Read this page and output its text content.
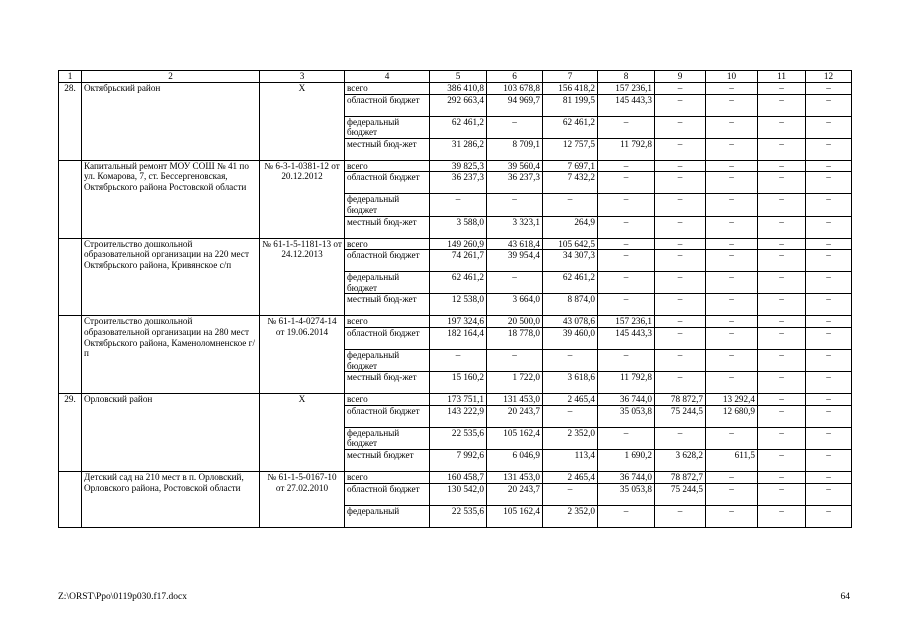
1	2	3	4	5	6	7	8	9	10	11	12
28.	Октябрьский район	X	всего	386 410,8	103 678,8	156 418,2	157 236,1	–	–	–	–
			областной бюджет	292 663,4	94 969,7	81 199,5	145 443,3	–	–	–	–
			федеральный бюджет	62 461,2	–	62 461,2	–	–	–	–	–
			местный бюд-жет	31 286,2	8 709,1	12 757,5	11 792,8	–	–	–	–
	Капитальный ремонт МОУ СОШ № 41 по ул. Комарова, 7, ст. Бессергеновская, Октябрьского района Ростовской области	№ 6-3-1-0381-12 от 20.12.2012	всего	39 825,3	39 560,4	7 697,1	–	–	–	–	–
			областной бюджет	36 237,3	36 237,3	7 432,2	–	–	–	–	–
			федеральный бюджет	–	–	–	–	–	–	–	–
			местный бюд-жет	3 588,0	3 323,1	264,9	–	–	–	–	–
	Строительство дошкольной образовательной организации на 220 мест Октябрьского района, Кривянское с/п	№ 61-1-5-1181-13 от 24.12.2013	всего	149 260,9	43 618,4	105 642,5	–	–	–	–	–
			областной бюджет	74 261,7	39 954,4	34 307,3	–	–	–	–	–
			федеральный бюджет	62 461,2	–	62 461,2	–	–	–	–	–
			местный бюд-жет	12 538,0	3 664,0	8 874,0	–	–	–	–	–
	Строительство дошкольной образовательной организации на 280 мест Октябрьского района, Каменоломненское г/п	№ 61-1-4-0274-14 от 19.06.2014	всего	197 324,6	20 500,0	43 078,6	157 236,1	–	–	–	–
			областной бюджет	182 164,4	18 778,0	39 460,0	145 443,3	–	–	–	–
			федеральный бюджет	–	–	–	–	–	–	–	–
			местный бюд-жет	15 160,2	1 722,0	3 618,6	11 792,8	–	–	–	–
29.	Орловский район	X	всего	173 751,1	131 453,0	2 465,4	36 744,0	78 872,7	13 292,4	–	–
			областной бюджет	143 222,9	20 243,7	–	35 053,8	75 244,5	12 680,9	–	–
			федеральный бюджет	22 535,6	105 162,4	2 352,0	–	–	–	–	–
			местный бюджет	7 992,6	6 046,9	113,4	1 690,2	3 628,2	611,5	–	–
	Детский сад на 210 мест в п. Орловский, Орловского района, Ростовской области	№ 61-1-5-0167-10 от 27.02.2010	всего	160 458,7	131 453,0	2 465,4	36 744,0	78 872,7	–	–	–
			областной бюджет	130 542,0	20 243,7	–	35 053,8	75 244,5	–	–	–
			федеральный	22 535,6	105 162,4	2 352,0	–	–	–	–	–
Z:\ORST\Ppo\0119p030.f17.docx	64
